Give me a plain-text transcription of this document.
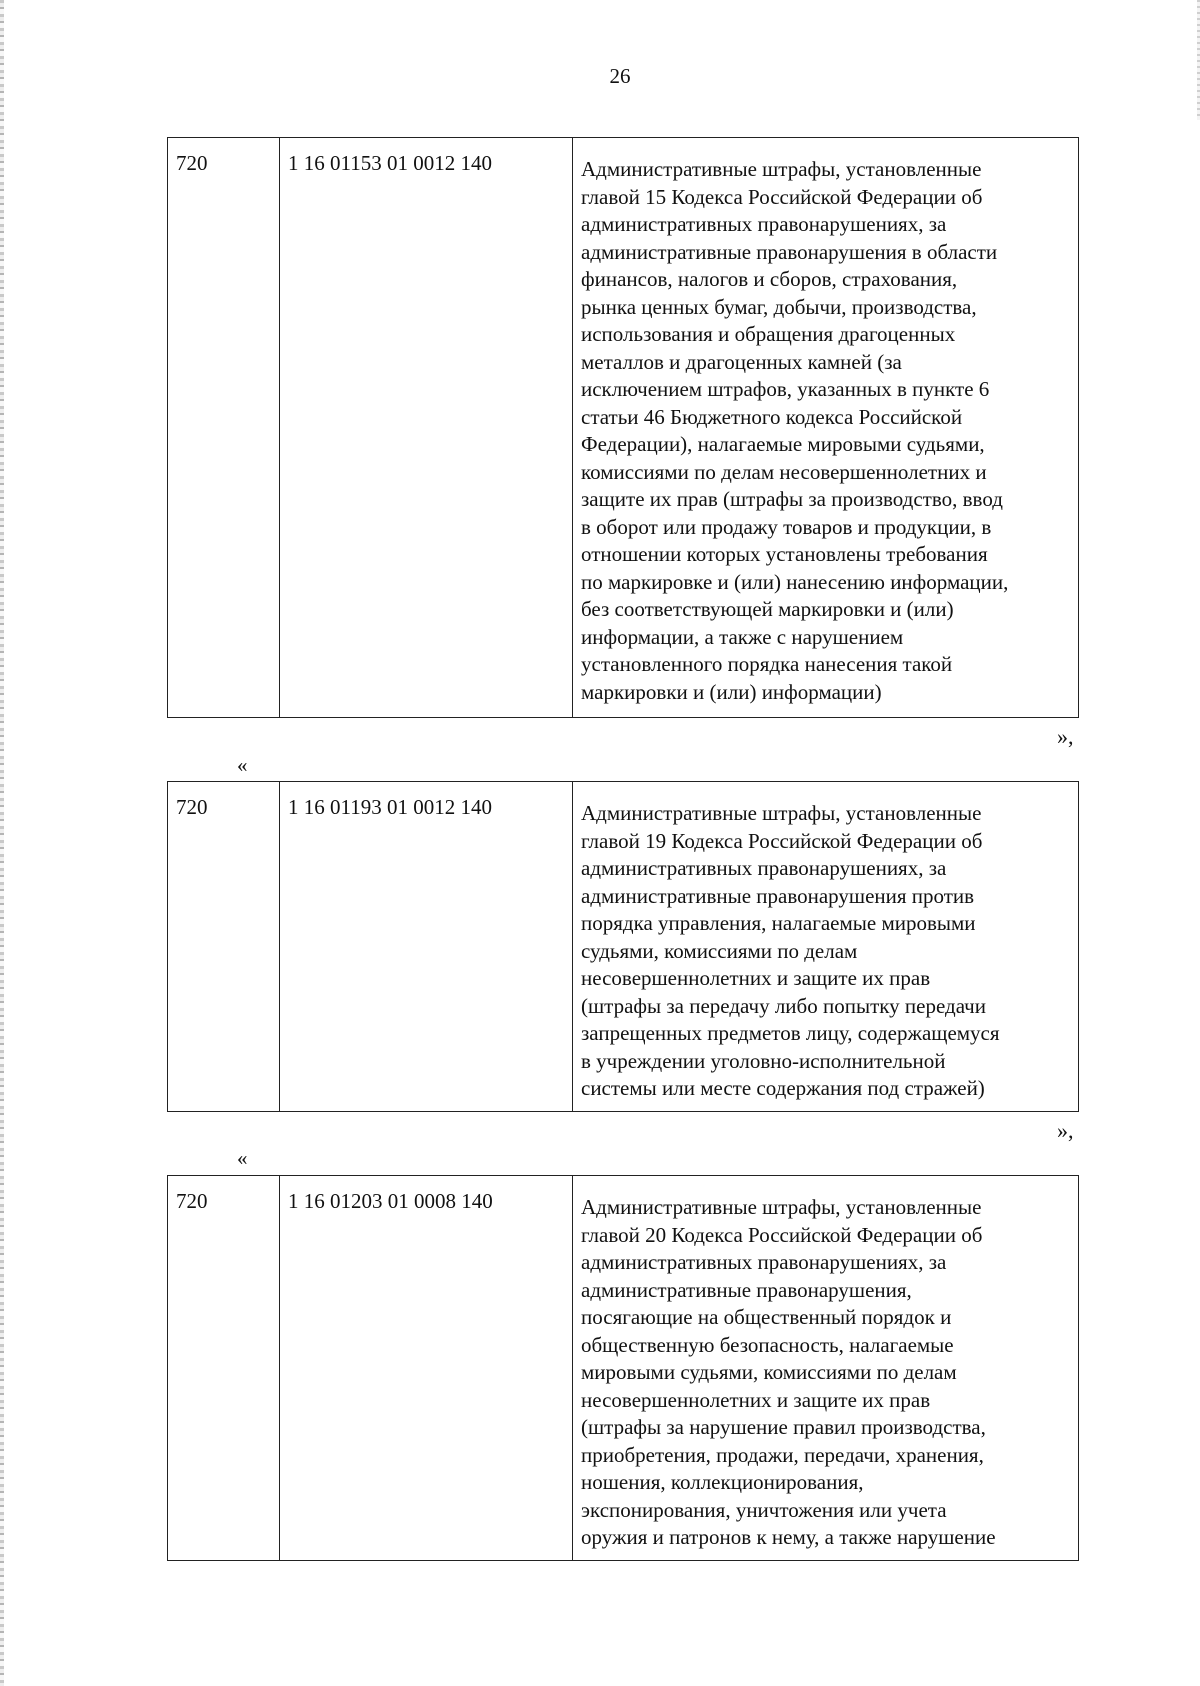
26
720	1 16 01153 01 0012 140	Административные штрафы, установленные
главой 15 Кодекса Российской Федерации об
административных правонарушениях, за
административные правонарушения в области
финансов, налогов и сборов, страхования,
рынка ценных бумаг, добычи, производства,
использования и обращения драгоценных
металлов и драгоценных камней (за
исключением штрафов, указанных в пункте 6
статьи 46 Бюджетного кодекса Российской
Федерации), налагаемые мировыми судьями,
комиссиями по делам несовершеннолетних и
защите их прав (штрафы за производство, ввод
в оборот или продажу товаров и продукции, в
отношении которых установлены требования
по маркировке и (или) нанесению информации,
без соответствующей маркировки и (или)
информации, а также с нарушением
установленного порядка нанесения такой
маркировки и (или) информации)
»,
«
720	1 16 01193 01 0012 140	Административные штрафы, установленные
главой 19 Кодекса Российской Федерации об
административных правонарушениях, за
административные правонарушения против
порядка управления, налагаемые мировыми
судьями, комиссиями по делам
несовершеннолетних и защите их прав
(штрафы за передачу либо попытку передачи
запрещенных предметов лицу, содержащемуся
в учреждении уголовно-исполнительной
системы или месте содержания под стражей)
»,
«
720	1 16 01203 01 0008 140	Административные штрафы, установленные
главой 20 Кодекса Российской Федерации об
административных правонарушениях, за
административные правонарушения,
посягающие на общественный порядок и
общественную безопасность, налагаемые
мировыми судьями, комиссиями по делам
несовершеннолетних и защите их прав
(штрафы за нарушение правил производства,
приобретения, продажи, передачи, хранения,
ношения, коллекционирования,
экспонирования, уничтожения или учета
оружия и патронов к нему, а также нарушение
